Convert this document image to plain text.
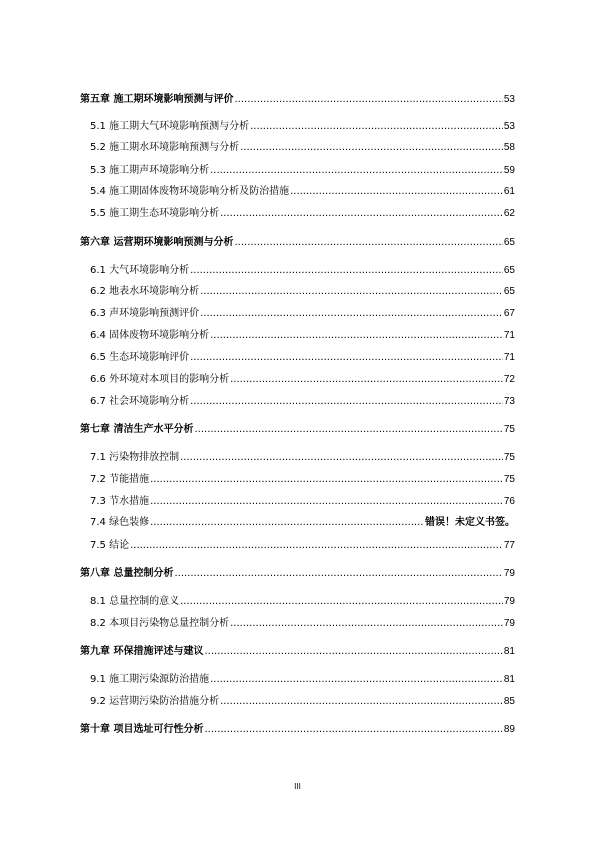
第五章 施工期环境影响预测与评价 .....	53
5.1 施工期大气环境影响预测与分析 .....	53
5.2 施工期水环境影响预测与分析 .....	58
5.3 施工期声环境影响分析 .....	59
5.4 施工期固体废物环境影响分析及防治措施 .....	61
5.5 施工期生态环境影响分析 .....	62
第六章 运营期环境影响预测与分析 .....	65
6.1 大气环境影响分析 .....	65
6.2 地表水环境影响分析 .....	65
6.3 声环境影响预测评价 .....	67
6.4 固体废物环境影响分析 .....	71
6.5 生态环境影响评价 .....	71
6.6 外环境对本项目的影响分析 .....	72
6.7 社会环境影响分析 .....	73
第七章 清洁生产水平分析 .....	75
7.1 污染物排放控制 .....	75
7.2 节能措施 .....	75
7.3 节水措施 .....	76
7.4 绿色装修 .....	错误！未定义书签。
7.5 结论 .....	77
第八章 总量控制分析 .....	79
8.1 总量控制的意义 .....	79
8.2 本项目污染物总量控制分析 .....	79
第九章 环保措施评述与建议 .....	81
9.1 施工期污染源防治措施 .....	81
9.2 运营期污染防治措施分析 .....	85
第十章 项目选址可行性分析 .....	89
III
